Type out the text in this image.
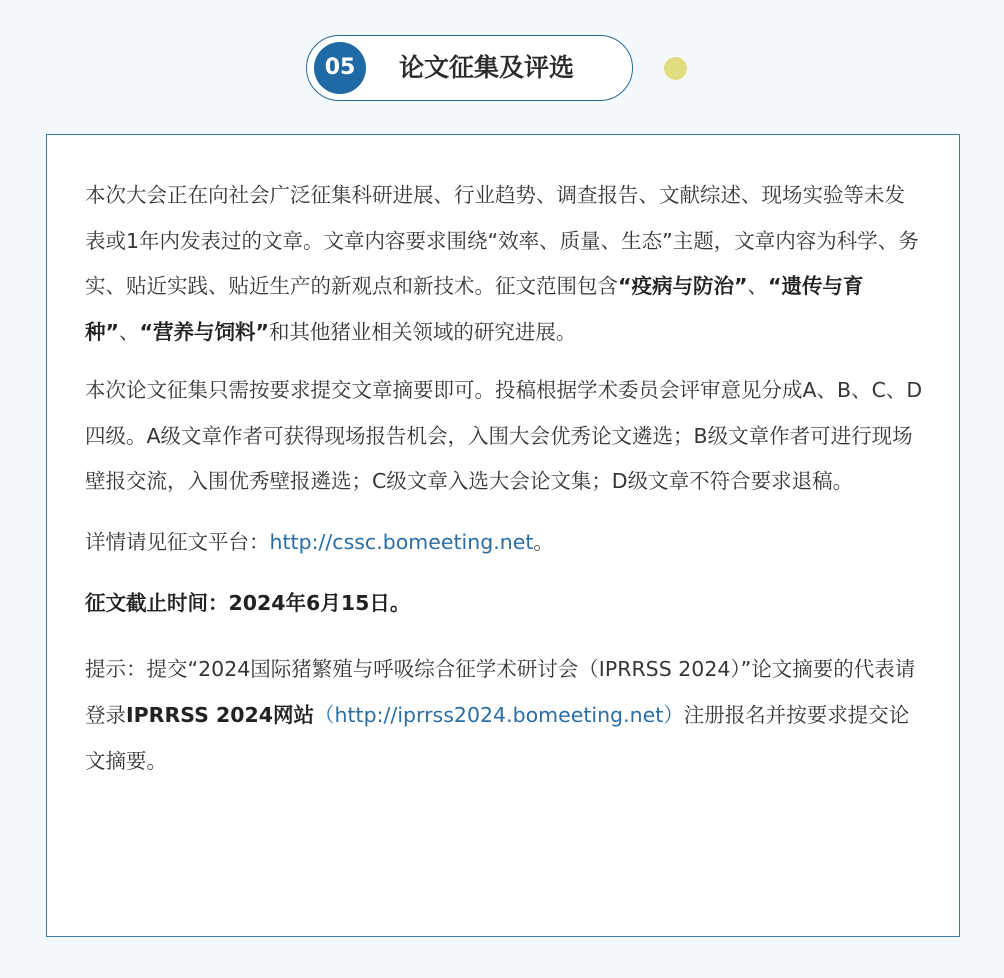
05	论文征集及评选

本次大会正在向社会广泛征集科研进展、行业趋势、调查报告、文献综述、现场实验等未发表或1年内发表过的文章。文章内容要求围绕“效率、质量、生态”主题，文章内容为科学、务实、贴近实践、贴近生产的新观点和新技术。征文范围包含“疫病与防治”、“遗传与育种”、“营养与饲料”和其他猪业相关领域的研究进展。

本次论文征集只需按要求提交文章摘要即可。投稿根据学术委员会评审意见分成A、B、C、D四级。A级文章作者可获得现场报告机会，入围大会优秀论文遴选；B级文章作者可进行现场壁报交流，入围优秀壁报遴选；C级文章入选大会论文集；D级文章不符合要求退稿。

详情请见征文平台：http://cssc.bomeeting.net。

征文截止时间：2024年6月15日。

提示：提交“2024国际猪繁殖与呼吸综合征学术研讨会（IPRRSS 2024）”论文摘要的代表请登录IPRRSS 2024网站（http://iprrss2024.bomeeting.net）注册报名并按要求提交论文摘要。
